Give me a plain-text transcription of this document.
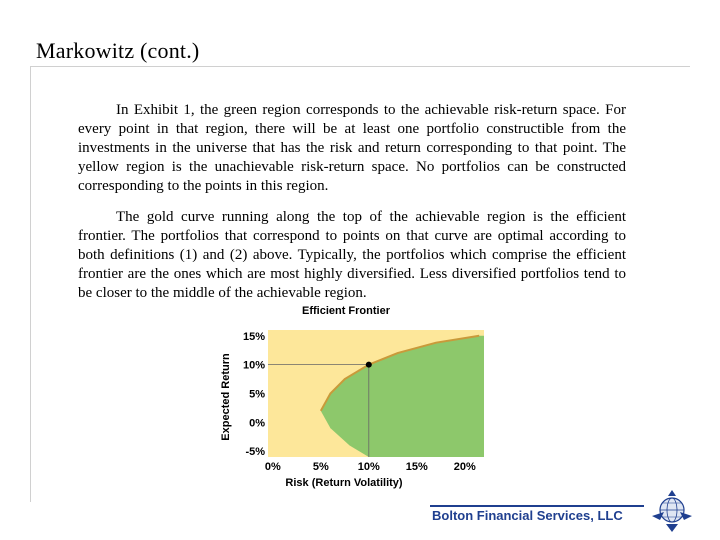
Markowitz (cont.)

In Exhibit 1, the green region corresponds to the achievable risk-return space. For every point in that region, there will be at least one portfolio constructible from the investments in the universe that has the risk and return corresponding to that point. The yellow region is the unachievable risk-return space. No portfolios can be constructed corresponding to the points in this region.

The gold curve running along the top of the achievable region is the efficient frontier. The portfolios that correspond to points on that curve are optimal according to both definitions (1) and (2) above. Typically, the portfolios which comprise the efficient frontier are the ones which are most highly diversified. Less diversified portfolios tend to be closer to the middle of the achievable region.

Efficient Frontier
15%
10%
5%
0%
-5%
0%	5%	10% 15% 20%
Expected Return
Risk (Return Volatility)
Bolton Financial Services, LLC
